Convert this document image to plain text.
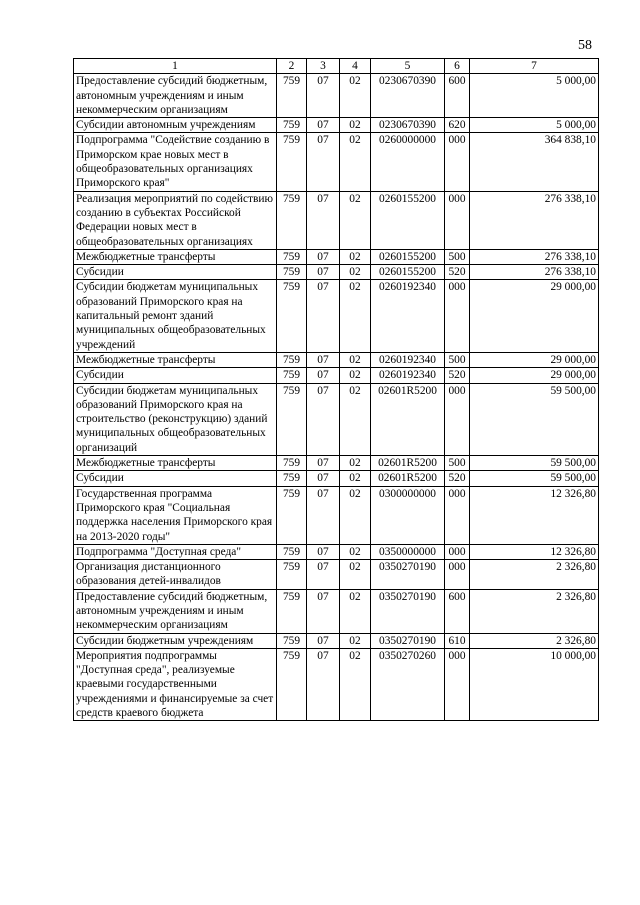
58
1	2	3	4	5	6	7
Предоставление субсидий бюджетным, автономным учреждениям и иным некоммерческим организациям	759	07	02	0230670390	600	5 000,00
Субсидии автономным учреждениям	759	07	02	0230670390	620	5 000,00
Подпрограмма "Содействие созданию в Приморском крае новых мест в общеобразовательных организациях Приморского края"	759	07	02	0260000000	000	364 838,10
Реализация мероприятий по содействию созданию в субъектах Российской Федерации новых мест в общеобразовательных организациях	759	07	02	0260155200	000	276 338,10
Межбюджетные трансферты	759	07	02	0260155200	500	276 338,10
Субсидии	759	07	02	0260155200	520	276 338,10
Субсидии бюджетам муниципальных образований Приморского края на капитальный ремонт зданий муниципальных общеобразовательных учреждений	759	07	02	0260192340	000	29 000,00
Межбюджетные трансферты	759	07	02	0260192340	500	29 000,00
Субсидии	759	07	02	0260192340	520	29 000,00
Субсидии бюджетам муниципальных образований Приморского края на строительство (реконструкцию) зданий муниципальных общеобразовательных организаций	759	07	02	02601R5200	000	59 500,00
Межбюджетные трансферты	759	07	02	02601R5200	500	59 500,00
Субсидии	759	07	02	02601R5200	520	59 500,00
Государственная программа Приморского края "Социальная поддержка населения Приморского края на 2013-2020 годы"	759	07	02	0300000000	000	12 326,80
Подпрограмма "Доступная среда"	759	07	02	0350000000	000	12 326,80
Организация дистанционного образования детей-инвалидов	759	07	02	0350270190	000	2 326,80
Предоставление субсидий бюджетным, автономным учреждениям и иным некоммерческим организациям	759	07	02	0350270190	600	2 326,80
Субсидии бюджетным учреждениям	759	07	02	0350270190	610	2 326,80
Мероприятия подпрограммы "Доступная среда", реализуемые краевыми государственными учреждениями и финансируемые за счет средств краевого бюджета	759	07	02	0350270260	000	10 000,00
